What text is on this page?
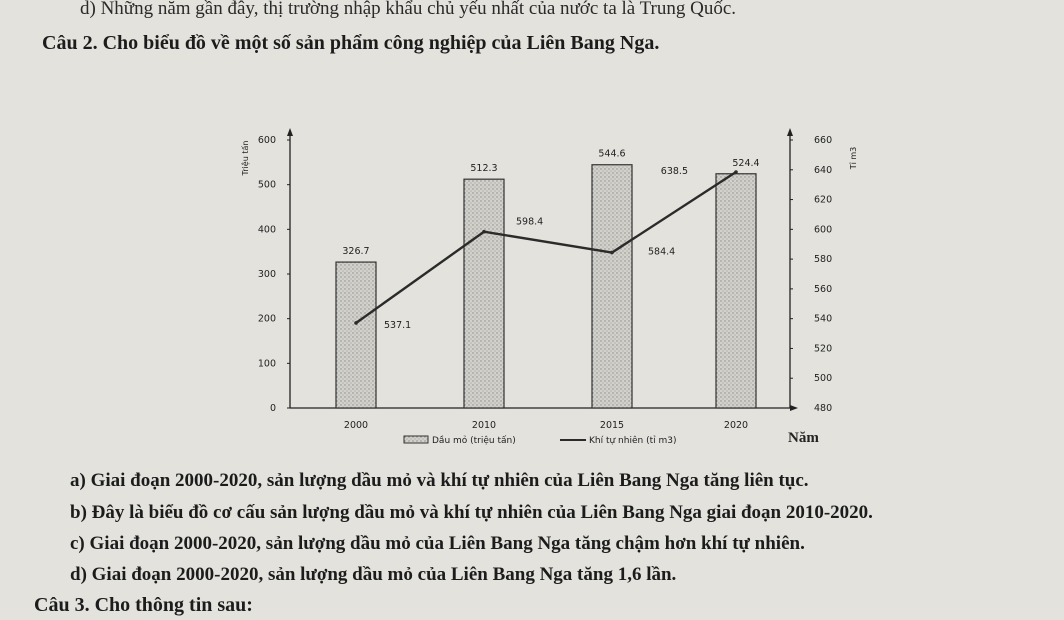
d) Những năm gần đây, thị trường nhập khẩu chủ yếu nhất của nước ta là Trung Quốc.
Câu 2. Cho biểu đồ về một số sản phẩm công nghiệp của Liên Bang Nga.
0
100
200
300
400
500
600
480
500
520
540
560
580
600
620
640
660
Triệu tấn	Tỉ m3
Năm
2000	2010	2015	2020
326.7
512.3
544.6
524.4
537.1
598.4
584.4
638.5
Dầu mỏ (triệu tấn)	Khí tự nhiên (tỉ m3)
a) Giai đoạn 2000-2020, sản lượng dầu mỏ và khí tự nhiên của Liên Bang Nga tăng liên tục.
b) Đây là biểu đồ cơ cấu sản lượng dầu mỏ và khí tự nhiên của Liên Bang Nga giai đoạn 2010-2020.
c) Giai đoạn 2000-2020, sản lượng dầu mỏ của Liên Bang Nga tăng chậm hơn khí tự nhiên.
d) Giai đoạn 2000-2020, sản lượng dầu mỏ của Liên Bang Nga tăng 1,6 lần.
Câu 3. Cho thông tin sau:
